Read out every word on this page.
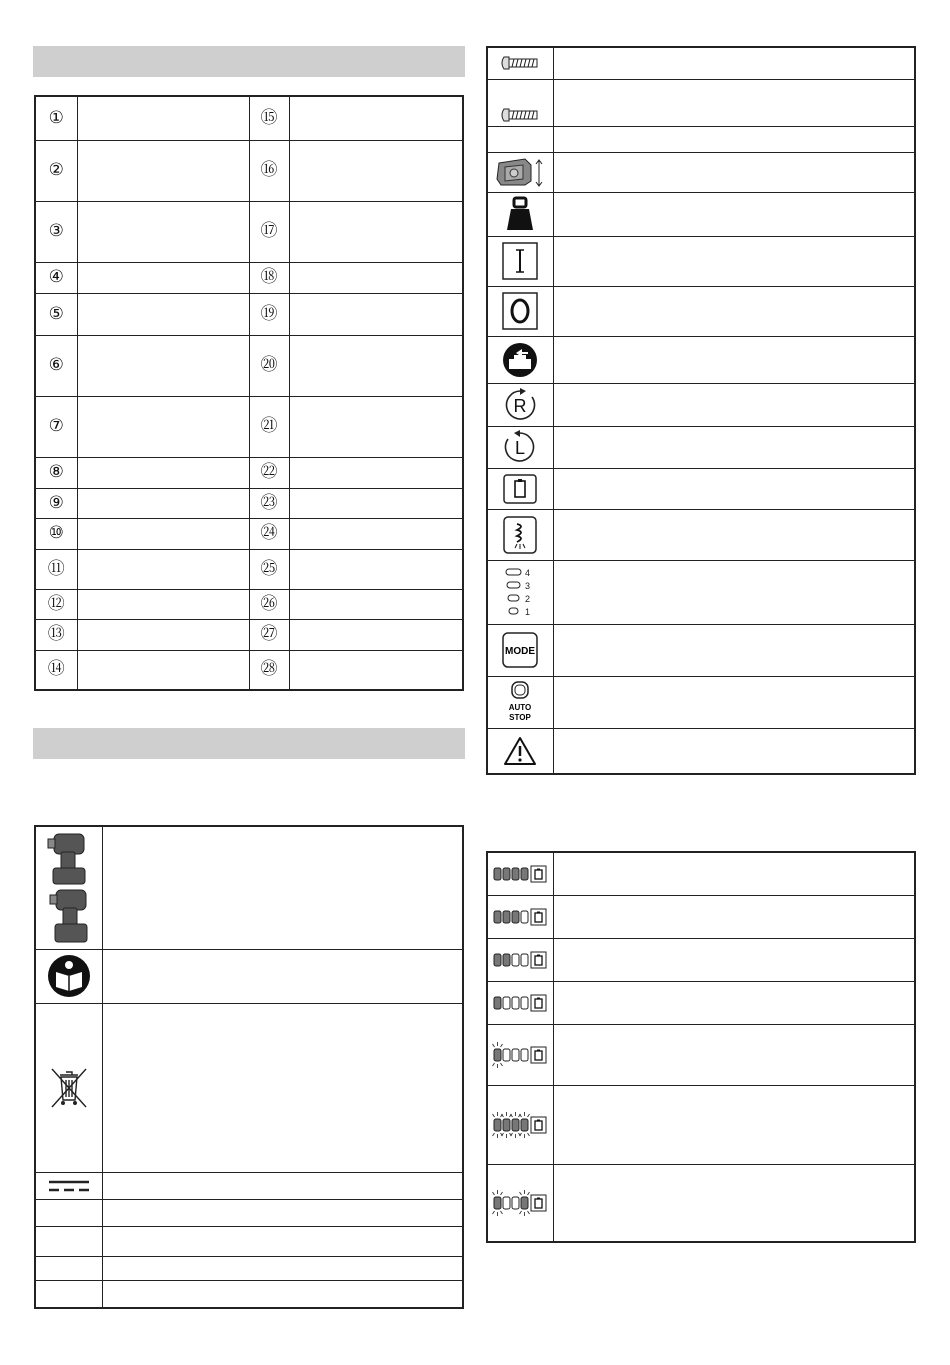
①		⑮	
②		⑯	
③		⑰	
④		⑱	
⑤		⑲	
⑥		⑳	
⑦		㉑	
⑧		㉒	
⑨		㉓	
⑩		㉔	
⑪		㉕	
⑫		㉖	
⑬		㉗	
⑭		㉘	

R	

L	

4
3
2
1	

MODE	

AUTO
STOP	
